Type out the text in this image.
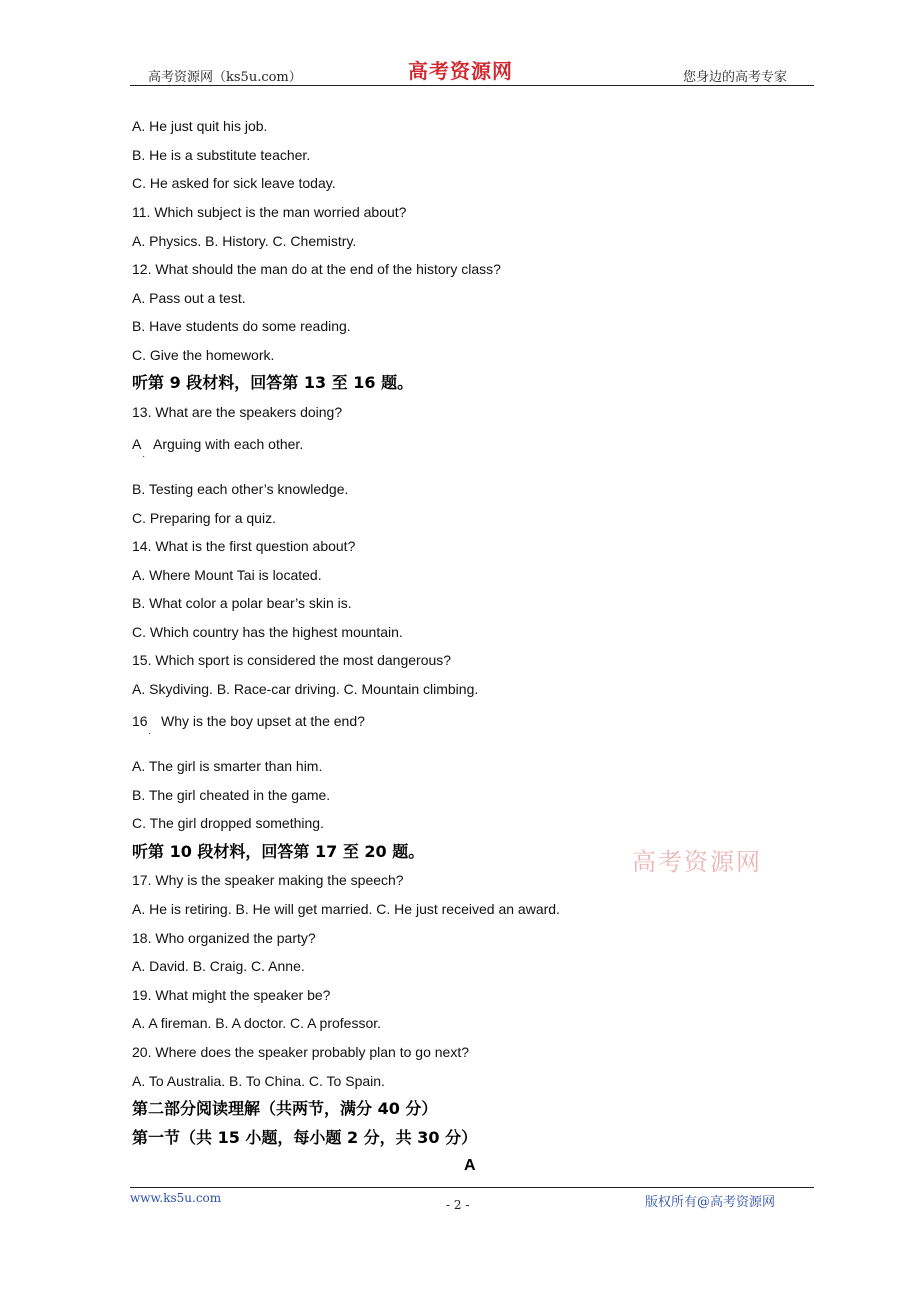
高考资源网（ks5u.com）	高考资源网	您身边的高考专家
A. He just quit his job.
B. He is a substitute teacher.
C. He asked for sick leave today.
11. Which subject is the man worried about?
A. Physics. B. History. C. Chemistry.
12. What should the man do at the end of the history class?
A. Pass out a test.
B. Have students do some reading.
C. Give the homework.
听第 9 段材料，回答第 13 至 16 题。
13. What are the speakers doing?
A Arguing with each other.
·
B. Testing each other’s knowledge.
C. Preparing for a quiz.
14. What is the first question about?
A. Where Mount Tai is located.
B. What color a polar bear’s skin is.
C. Which country has the highest mountain.
15. Which sport is considered the most dangerous?
A. Skydiving. B. Race-car driving. C. Mountain climbing.
16 Why is the boy upset at the end?
·
A. The girl is smarter than him.
B. The girl cheated in the game.
C. The girl dropped something.
听第 10 段材料，回答第 17 至 20 题。
17. Why is the speaker making the speech?
A. He is retiring. B. He will get married. C. He just received an award.
18. Who organized the party?
A. David. B. Craig. C. Anne.
19. What might the speaker be?
A. A fireman. B. A doctor. C. A professor.
20. Where does the speaker probably plan to go next?
A. To Australia. B. To China. C. To Spain.
第二部分阅读理解（共两节，满分 40 分）
第一节（共 15 小题，每小题 2 分，共 30 分）
A
高考资源网
www.ks5u.com	- 2 -	版权所有@高考资源网
